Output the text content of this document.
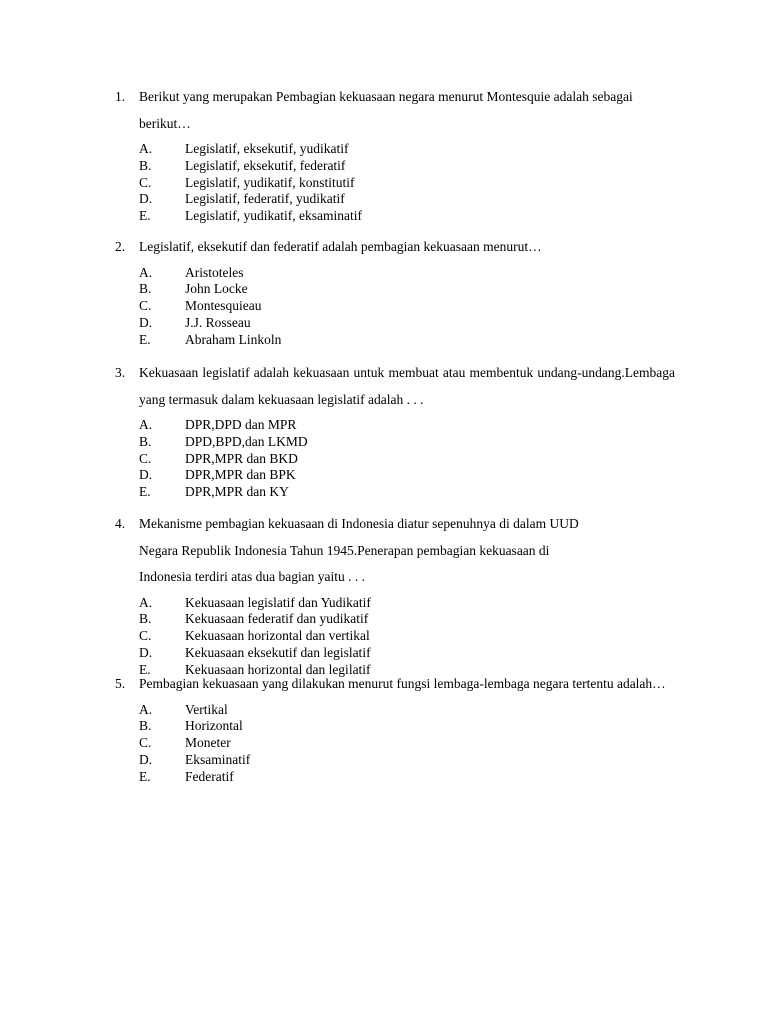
1.	Berikut yang merupakan Pembagian kekuasaan negara menurut Montesquie adalah sebagai berikut…
A.	Legislatif, eksekutif, yudikatif
B.	Legislatif, eksekutif, federatif
C.	Legislatif, yudikatif, konstitutif
D.	Legislatif, federatif, yudikatif
E.	Legislatif, yudikatif, eksaminatif
2.	Legislatif, eksekutif dan federatif adalah pembagian kekuasaan menurut…
A.	Aristoteles
B.	John Locke
C.	Montesquieau
D.	J.J. Rosseau
E.	Abraham Linkoln
3.	Kekuasaan legislatif adalah kekuasaan untuk membuat atau membentuk undang-undang.Lembaga yang termasuk dalam kekuasaan legislatif adalah . . .
A.	DPR,DPD dan MPR
B.	DPD,BPD,dan LKMD
C.	DPR,MPR dan BKD
D.	DPR,MPR dan BPK
E.	DPR,MPR dan KY
4.	Mekanisme pembagian kekuasaan di Indonesia diatur sepenuhnya di dalam UUD
Negara Republik Indonesia Tahun 1945.Penerapan pembagian kekuasaan di
Indonesia terdiri atas dua bagian yaitu . . .
A.	Kekuasaan legislatif dan Yudikatif
B.	Kekuasaan federatif dan yudikatif
C.	Kekuasaan horizontal dan vertikal
D.	Kekuasaan eksekutif dan legislatif
E.	Kekuasaan horizontal dan legilatif
5.	Pembagian kekuasaan yang dilakukan menurut fungsi lembaga-lembaga negara tertentu adalah…
A.	Vertikal
B.	Horizontal
C.	Moneter
D.	Eksaminatif
E.	Federatif
